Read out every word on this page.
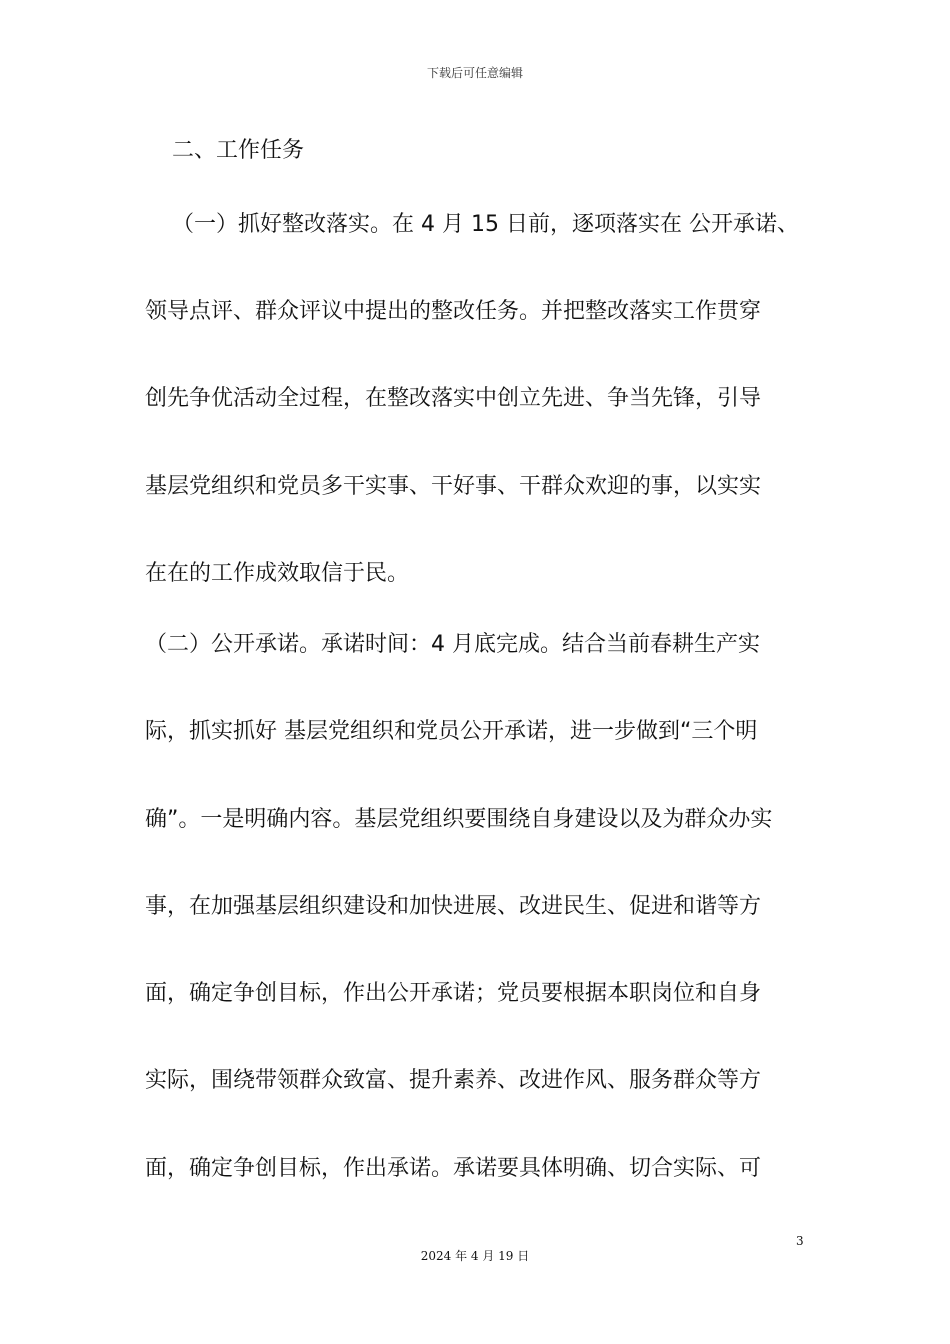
下载后可任意编辑
二、工作任务
（一）抓好整改落实。在 4 月 15 日前，逐项落实在 公开承诺、
领导点评、群众评议中提出的整改任务。并把整改落实工作贯穿
创先争优活动全过程，在整改落实中创立先进、争当先锋，引导
基层党组织和党员多干实事、干好事、干群众欢迎的事，以实实
在在的工作成效取信于民。
（二）公开承诺。承诺时间：4 月底完成。结合当前春耕生产实
际，抓实抓好 基层党组织和党员公开承诺，进一步做到“三个明
确”。一是明确内容。基层党组织要围绕自身建设以及为群众办实
事，在加强基层组织建设和加快进展、改进民生、促进和谐等方
面，确定争创目标，作出公开承诺；党员要根据本职岗位和自身
实际，围绕带领群众致富、提升素养、改进作风、服务群众等方
面，确定争创目标，作出承诺。承诺要具体明确、切合实际、可
3
2024 年 4 月 19 日
